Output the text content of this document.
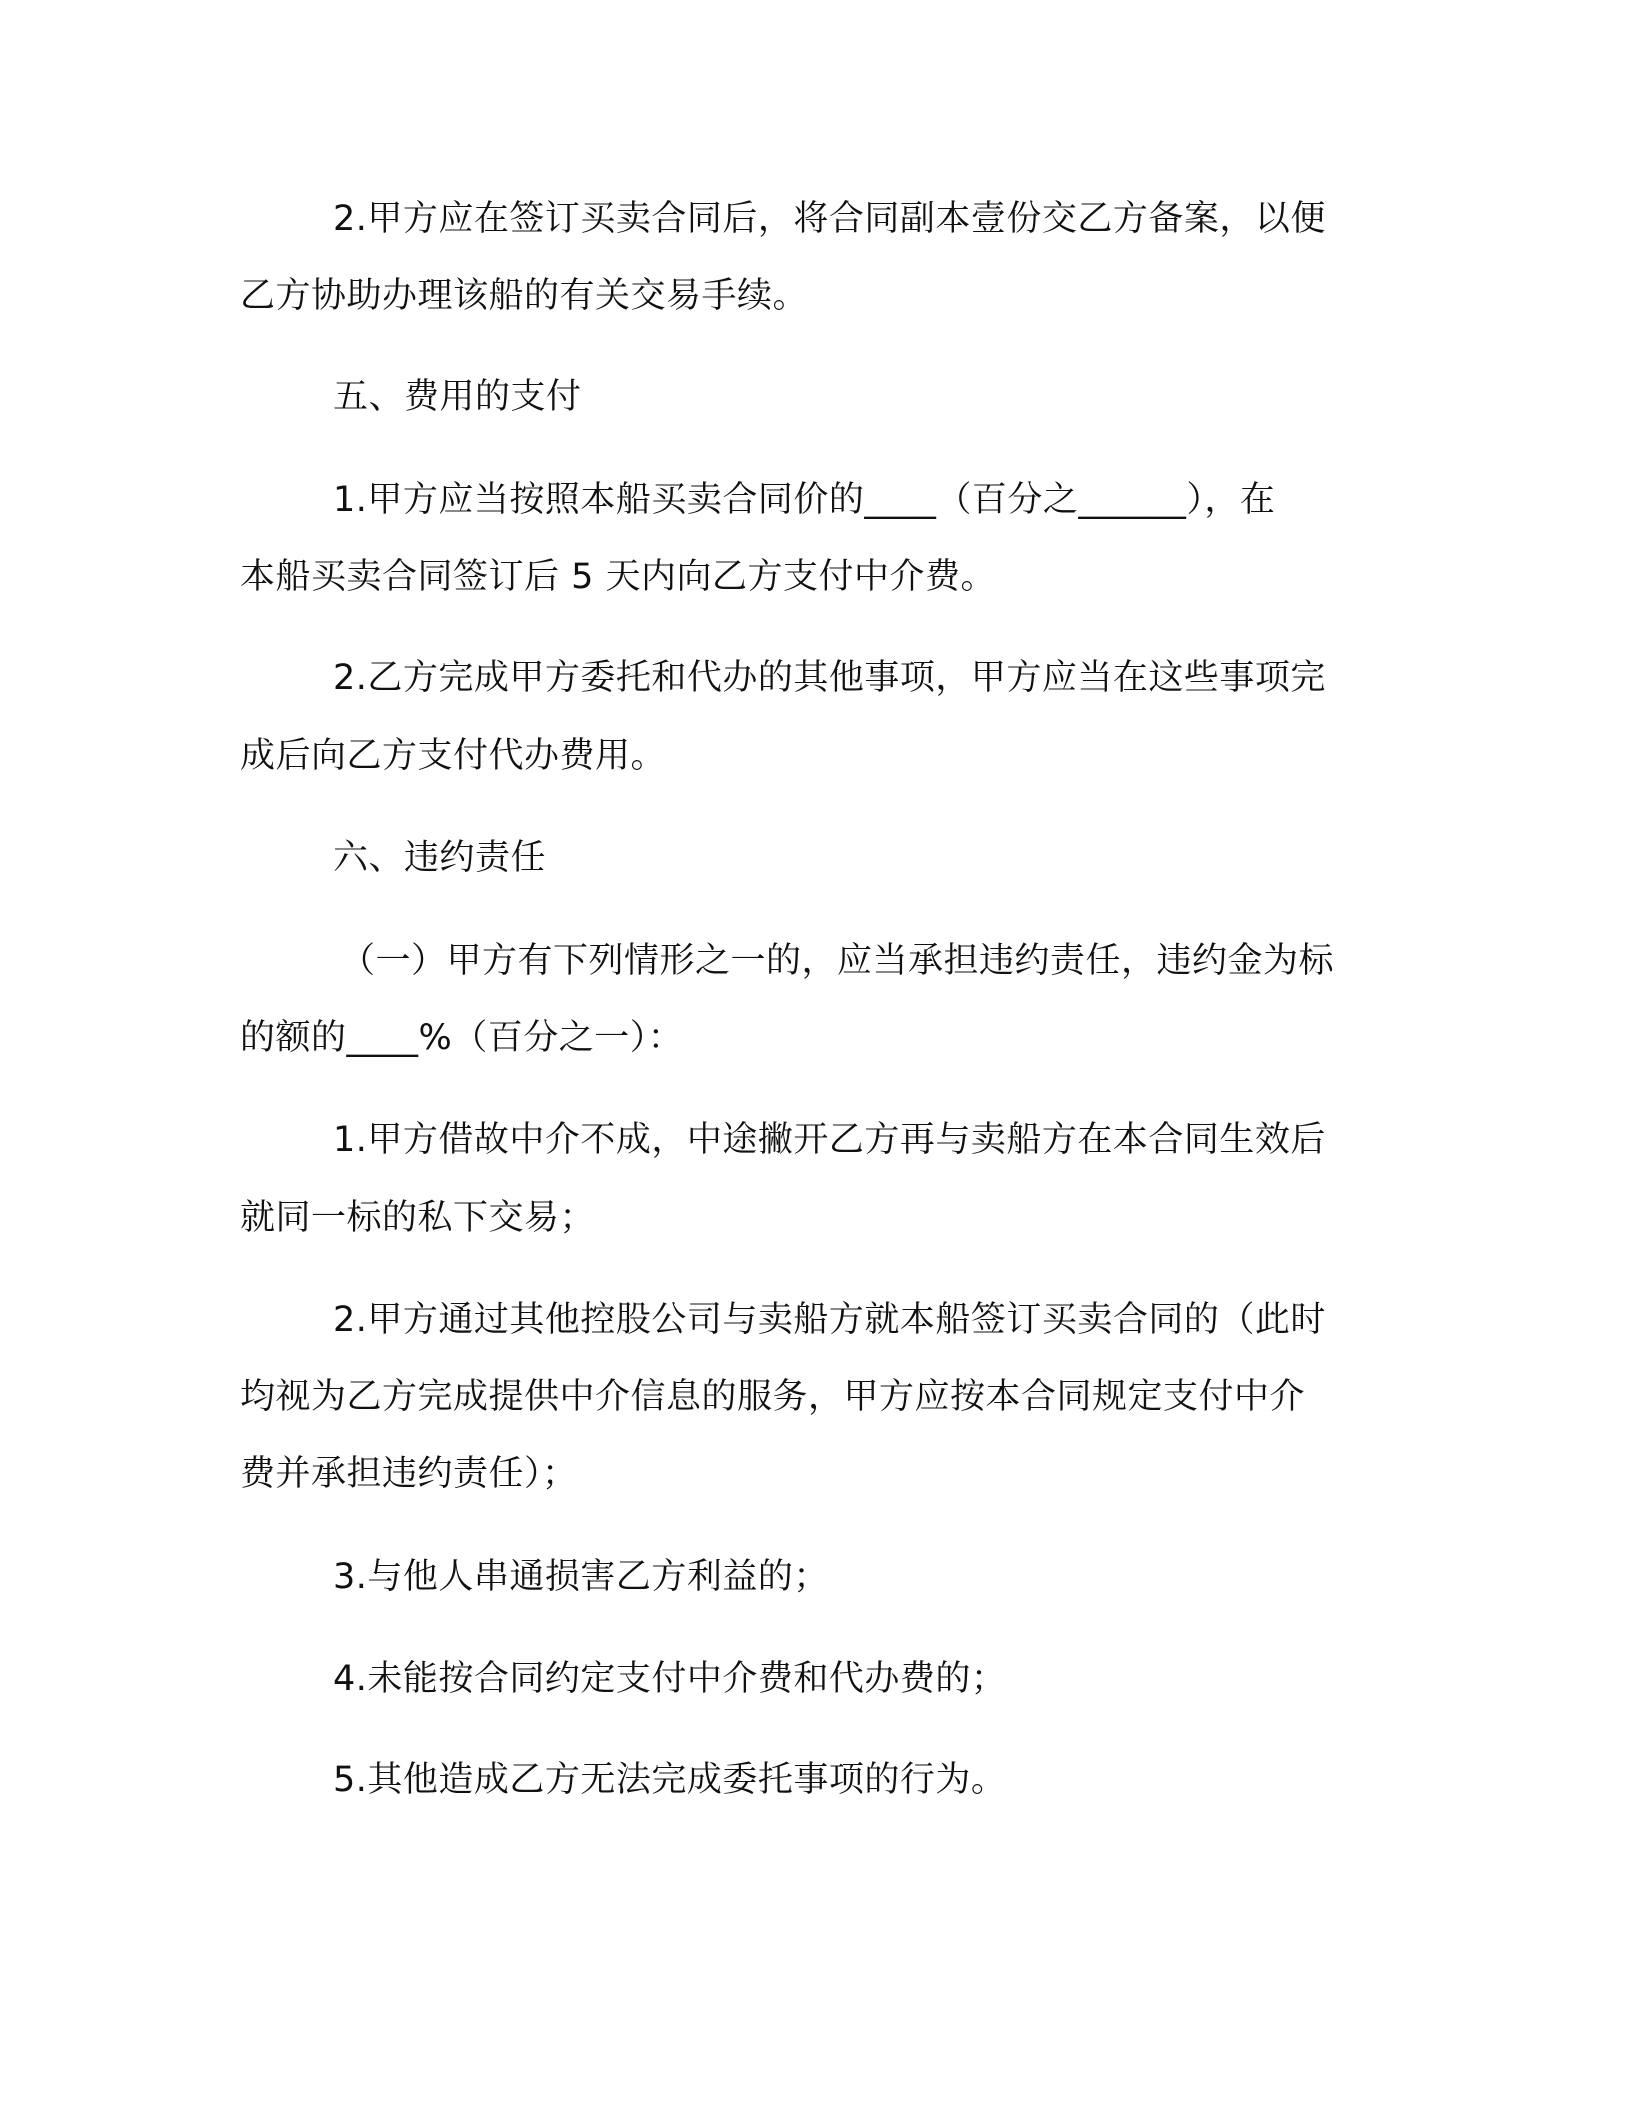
2.甲方应在签订买卖合同后，将合同副本壹份交乙方备案，以便
乙方协助办理该船的有关交易手续。
五、费用的支付
1.甲方应当按照本船买卖合同价的____（百分之______），在
本船买卖合同签订后 5 天内向乙方支付中介费。
2.乙方完成甲方委托和代办的其他事项，甲方应当在这些事项完
成后向乙方支付代办费用。
六、违约责任
（一）甲方有下列情形之一的，应当承担违约责任，违约金为标
的额的____%（百分之一）：
1.甲方借故中介不成，中途撇开乙方再与卖船方在本合同生效后
就同一标的私下交易；
2.甲方通过其他控股公司与卖船方就本船签订买卖合同的（此时
均视为乙方完成提供中介信息的服务，甲方应按本合同规定支付中介
费并承担违约责任）；
3.与他人串通损害乙方利益的；
4.未能按合同约定支付中介费和代办费的；
5.其他造成乙方无法完成委托事项的行为。
